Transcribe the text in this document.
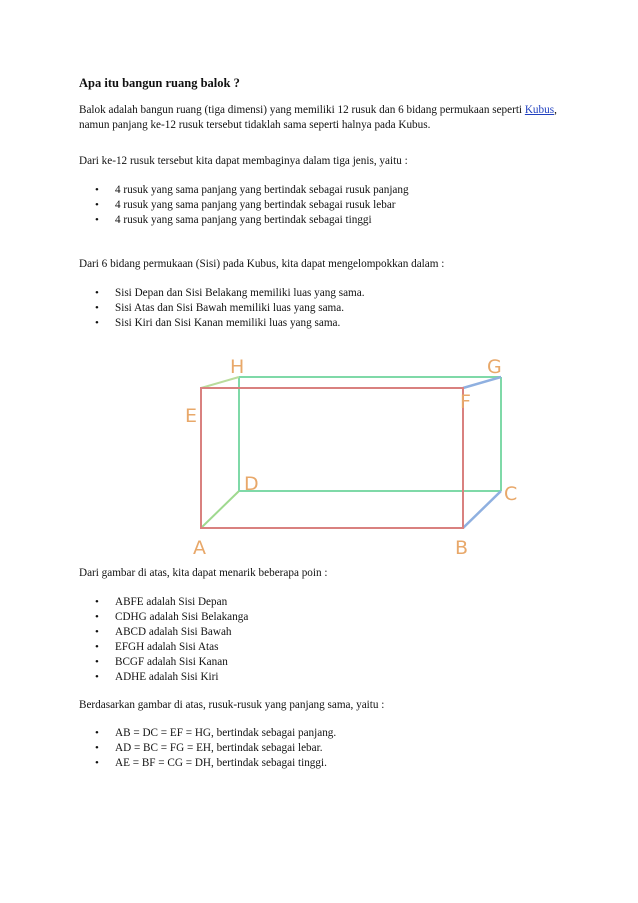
Apa itu bangun ruang balok ?
Balok adalah bangun ruang (tiga dimensi) yang memiliki 12 rusuk dan 6 bidang permukaan seperti Kubus, namun panjang ke-12 rusuk tersebut tidaklah sama seperti halnya pada Kubus.
Dari ke-12 rusuk tersebut kita dapat membaginya dalam tiga jenis, yaitu :
• 4 rusuk yang sama panjang yang bertindak sebagai rusuk panjang
• 4 rusuk yang sama panjang yang bertindak sebagai rusuk lebar
• 4 rusuk yang sama panjang yang bertindak sebagai tinggi
Dari 6 bidang permukaan (Sisi) pada Kubus, kita dapat mengelompokkan dalam :
• Sisi Depan dan Sisi Belakang memiliki luas yang sama.
• Sisi Atas dan Sisi Bawah memiliki luas yang sama.
• Sisi Kiri dan Sisi Kanan memiliki luas yang sama.
Dari gambar di atas, kita dapat menarik beberapa poin :
• ABFE adalah Sisi Depan
• CDHG adalah Sisi Belakanga
• ABCD adalah Sisi Bawah
• EFGH adalah Sisi Atas
• BCGF adalah Sisi Kanan
• ADHE adalah Sisi Kiri
Berdasarkan gambar di atas, rusuk-rusuk yang panjang sama, yaitu :
• AB = DC = EF = HG, bertindak sebagai panjang.
• AD = BC = FG = EH, bertindak sebagai lebar.
• AE = BF = CG = DH, bertindak sebagai tinggi.
H	G
E
F
D	C
A	B
